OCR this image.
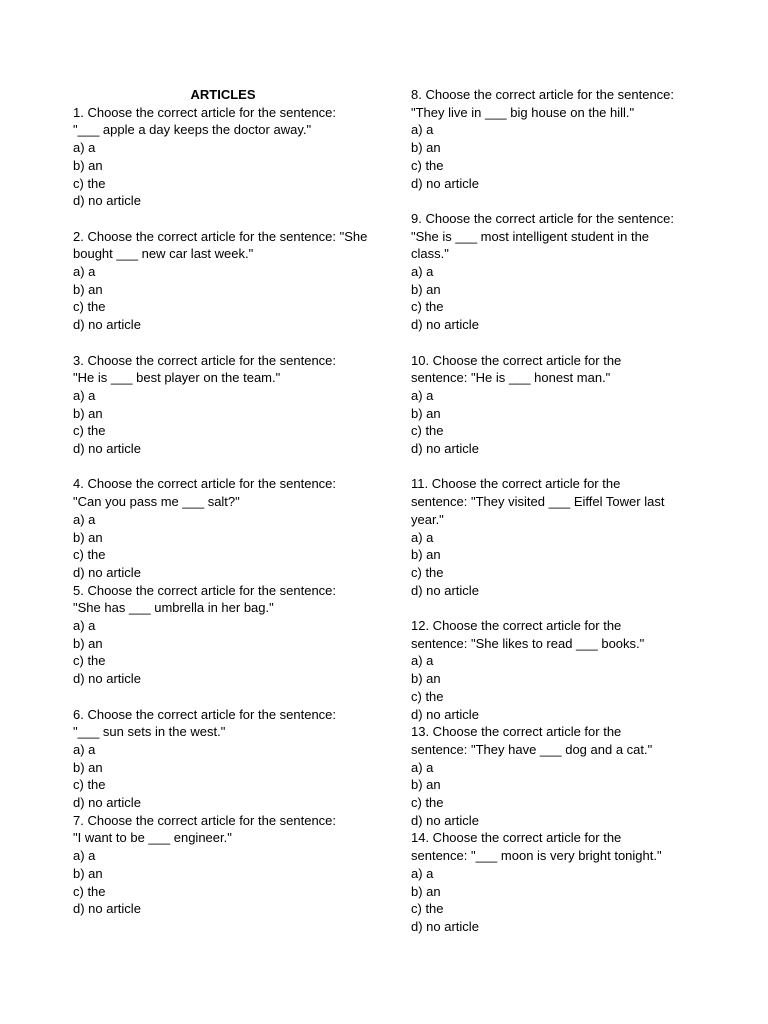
ARTICLES

1. Choose the correct article for the sentence:
"___ apple a day keeps the doctor away."
a) a
b) an
c) the
d) no article
2. Choose the correct article for the sentence: "She
bought ___ new car last week."
a) a
b) an
c) the
d) no article
3. Choose the correct article for the sentence:
"He is ___ best player on the team."
a) a
b) an
c) the
d) no article
4. Choose the correct article for the sentence:
"Can you pass me ___ salt?"
a) a
b) an
c) the
d) no article
5. Choose the correct article for the sentence:
"She has ___ umbrella in her bag."
a) a
b) an
c) the
d) no article
6. Choose the correct article for the sentence:
"___ sun sets in the west."
a) a
b) an
c) the
d) no article
7. Choose the correct article for the sentence:
"I want to be ___ engineer."
a) a
b) an
c) the
d) no article
8. Choose the correct article for the sentence:
"They live in ___ big house on the hill."
a) a
b) an
c) the
d) no article
9. Choose the correct article for the sentence:
"She is ___ most intelligent student in the
class."
a) a
b) an
c) the
d) no article
10. Choose the correct article for the
sentence: "He is ___ honest man."
a) a
b) an
c) the
d) no article
11. Choose the correct article for the
sentence: "They visited ___ Eiffel Tower last
year."
a) a
b) an
c) the
d) no article
12. Choose the correct article for the
sentence: "She likes to read ___ books."
a) a
b) an
c) the
d) no article
13. Choose the correct article for the
sentence: "They have ___ dog and a cat."
a) a
b) an
c) the
d) no article
14. Choose the correct article for the
sentence: "___ moon is very bright tonight."
a) a
b) an
c) the
d) no article
